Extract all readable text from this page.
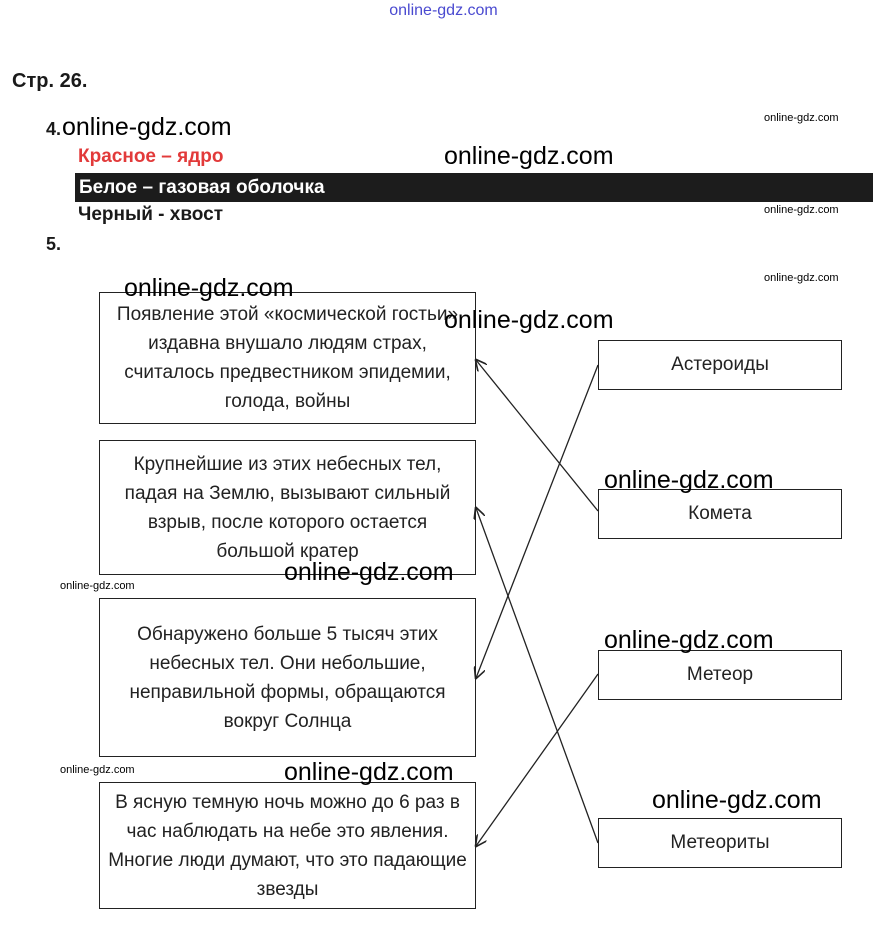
online-gdz.com
Стр. 26.
4.
Красное – ядро
Белое – газовая оболочка
Черный - хвост
5.
Появление этой «космической гостьи» издавна внушало людям страх, считалось предвестником эпидемии, голода, войны
Крупнейшие из этих небесных тел, падая на Землю, вызывают сильный взрыв, после которого остается большой кратер
Обнаружено больше 5 тысяч этих небесных тел. Они небольшие, неправильной формы, обращаются вокруг Солнца
В ясную темную ночь можно до 6 раз в час наблюдать на небе это явления. Многие люди думают, что это падающие звезды
Астероиды
Комета
Метеор
Метеориты
online-gdz.com
online-gdz.com
online-gdz.com
online-gdz.com
online-gdz.com
online-gdz.com
online-gdz.com
online-gdz.com
online-gdz.com
online-gdz.com
online-gdz.com
online-gdz.com
online-gdz.com
online-gdz.com
